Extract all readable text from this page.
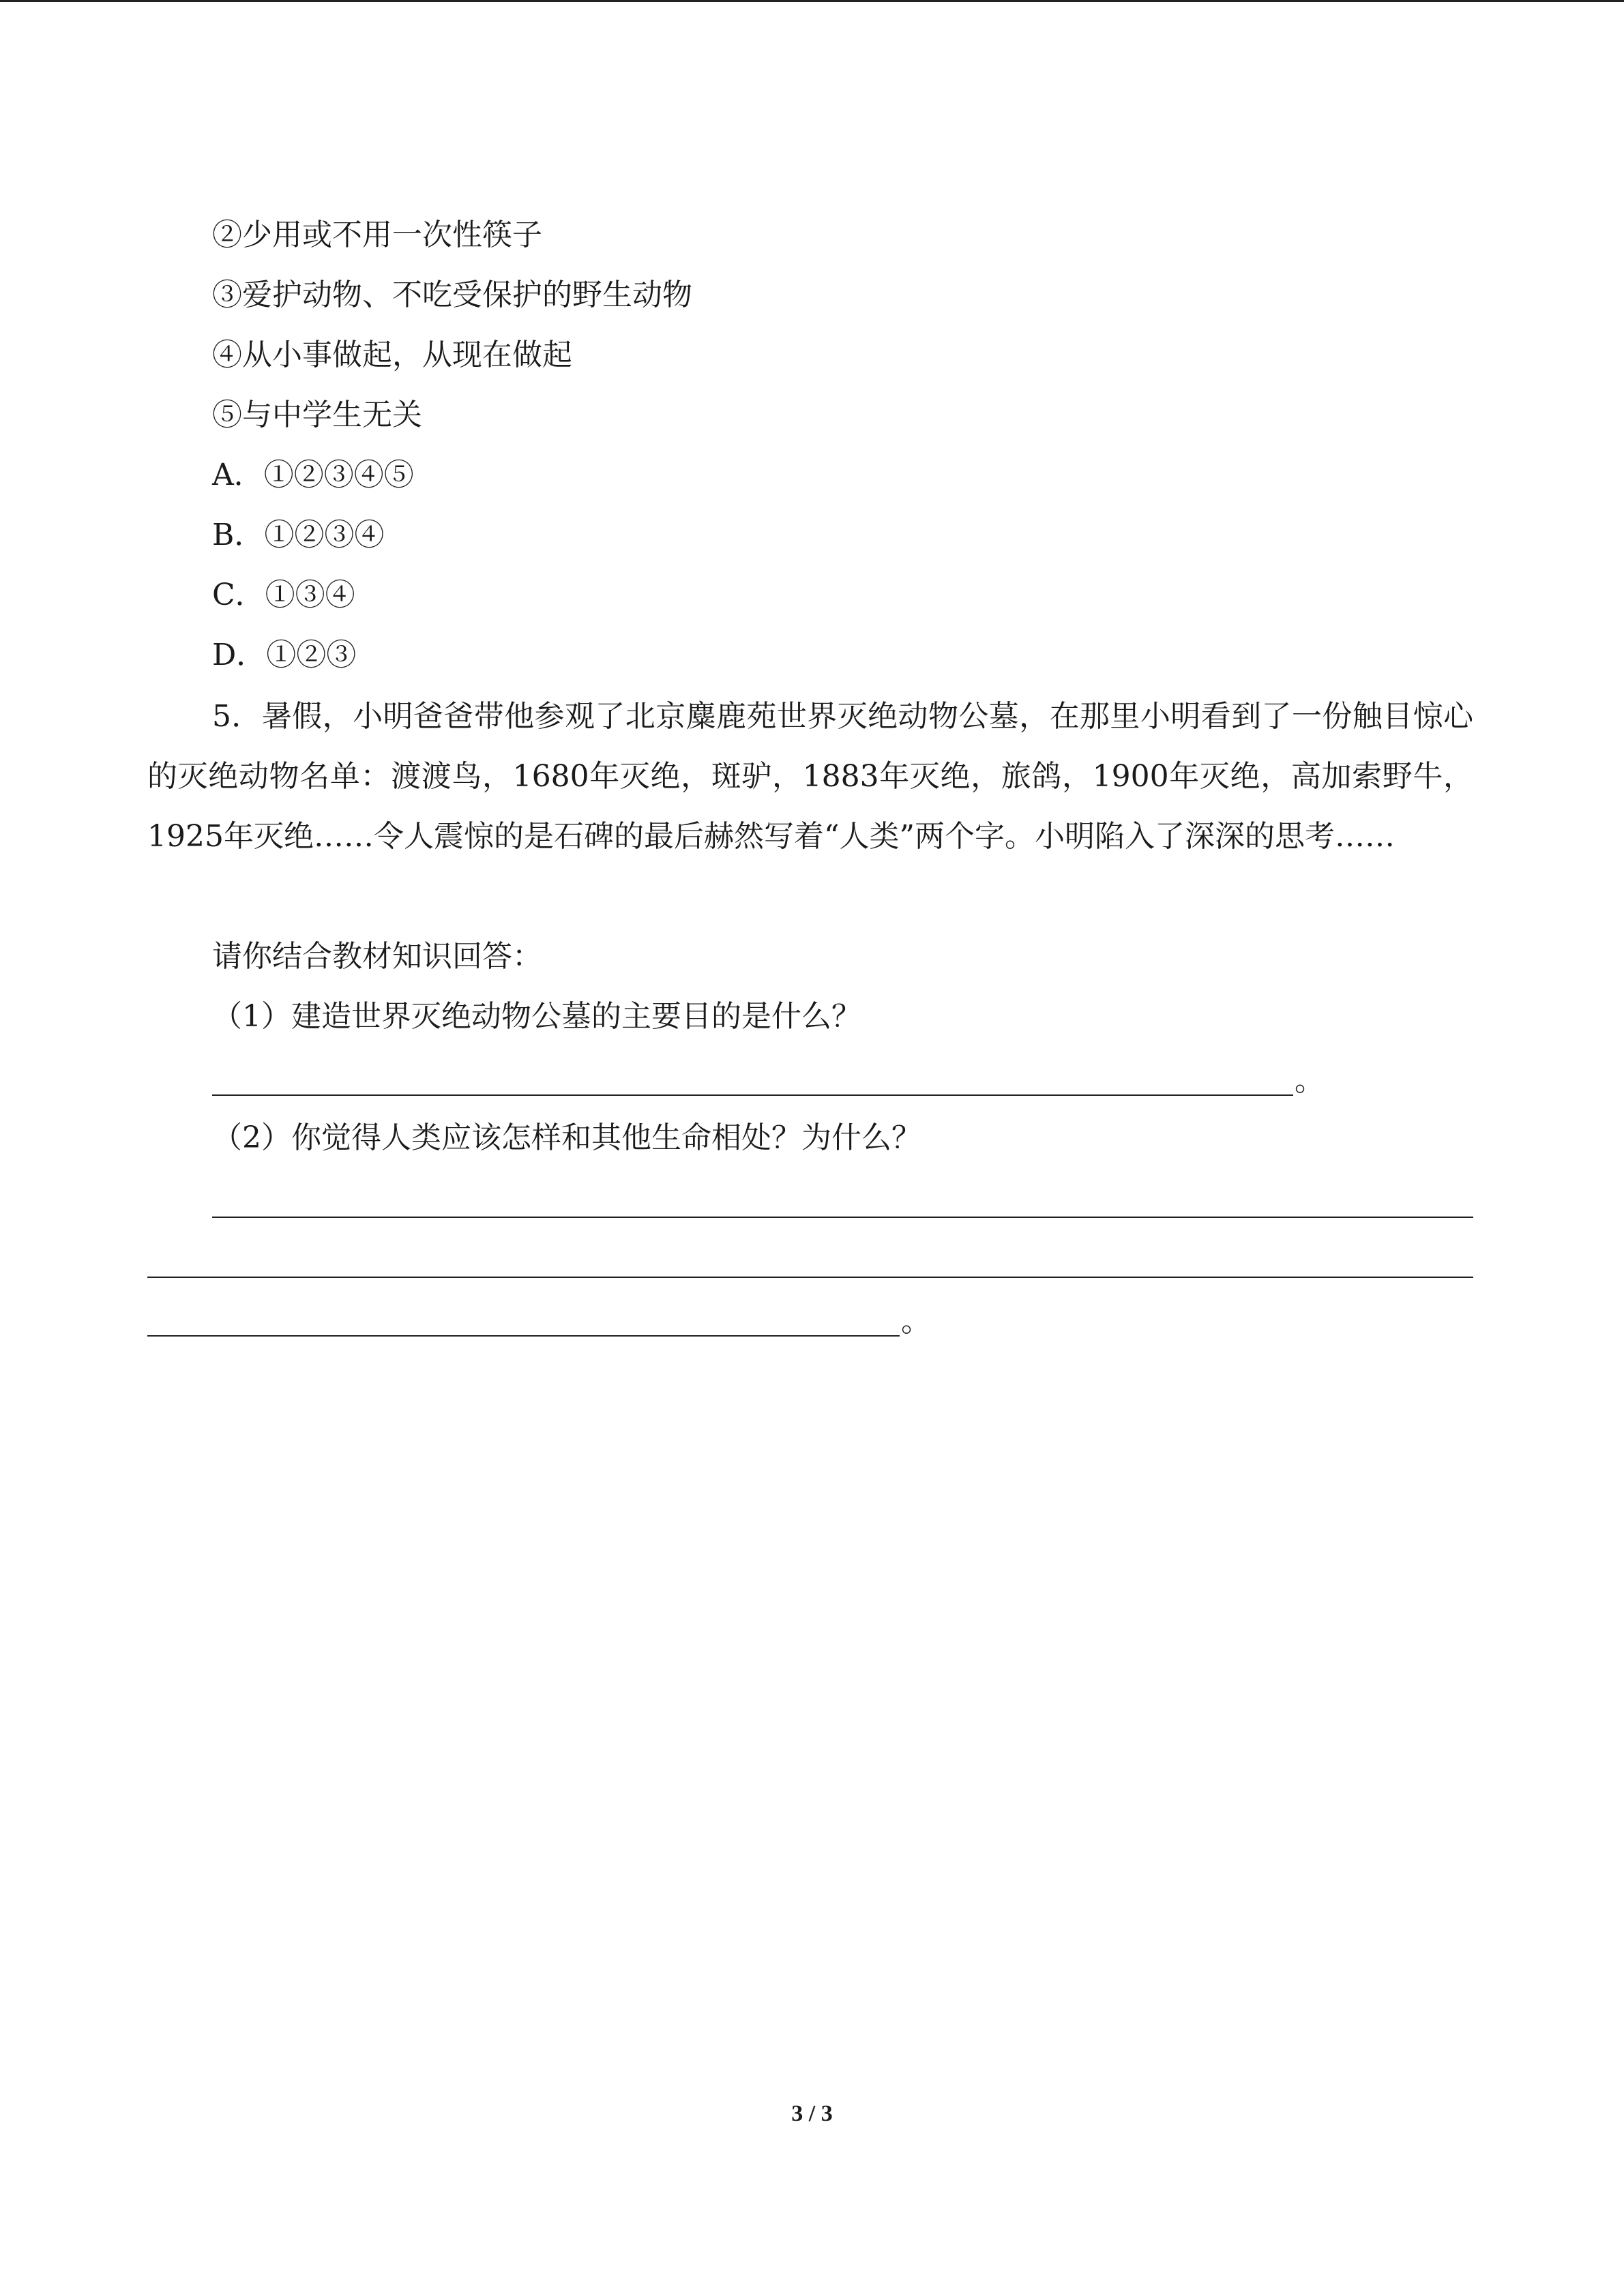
②少用或不用一次性筷子
③爱护动物、不吃受保护的野生动物
④从小事做起，从现在做起
⑤与中学生无关
A．①②③④⑤
B．①②③④
C．①③④
D．①②③
5．暑假，小明爸爸带他参观了北京麋鹿苑世界灭绝动物公墓，在那里小明看到了一份触目惊心的灭绝动物名单：渡渡鸟，1680年灭绝，斑驴，1883年灭绝，旅鸽，1900年灭绝，高加索野牛，1925年灭绝……令人震惊的是石碑的最后赫然写着“人类”两个字。小明陷入了深深的思考……
请你结合教材知识回答：
（1）建造世界灭绝动物公墓的主要目的是什么？
。
（2）你觉得人类应该怎样和其他生命相处？为什么？
。
3 / 3
